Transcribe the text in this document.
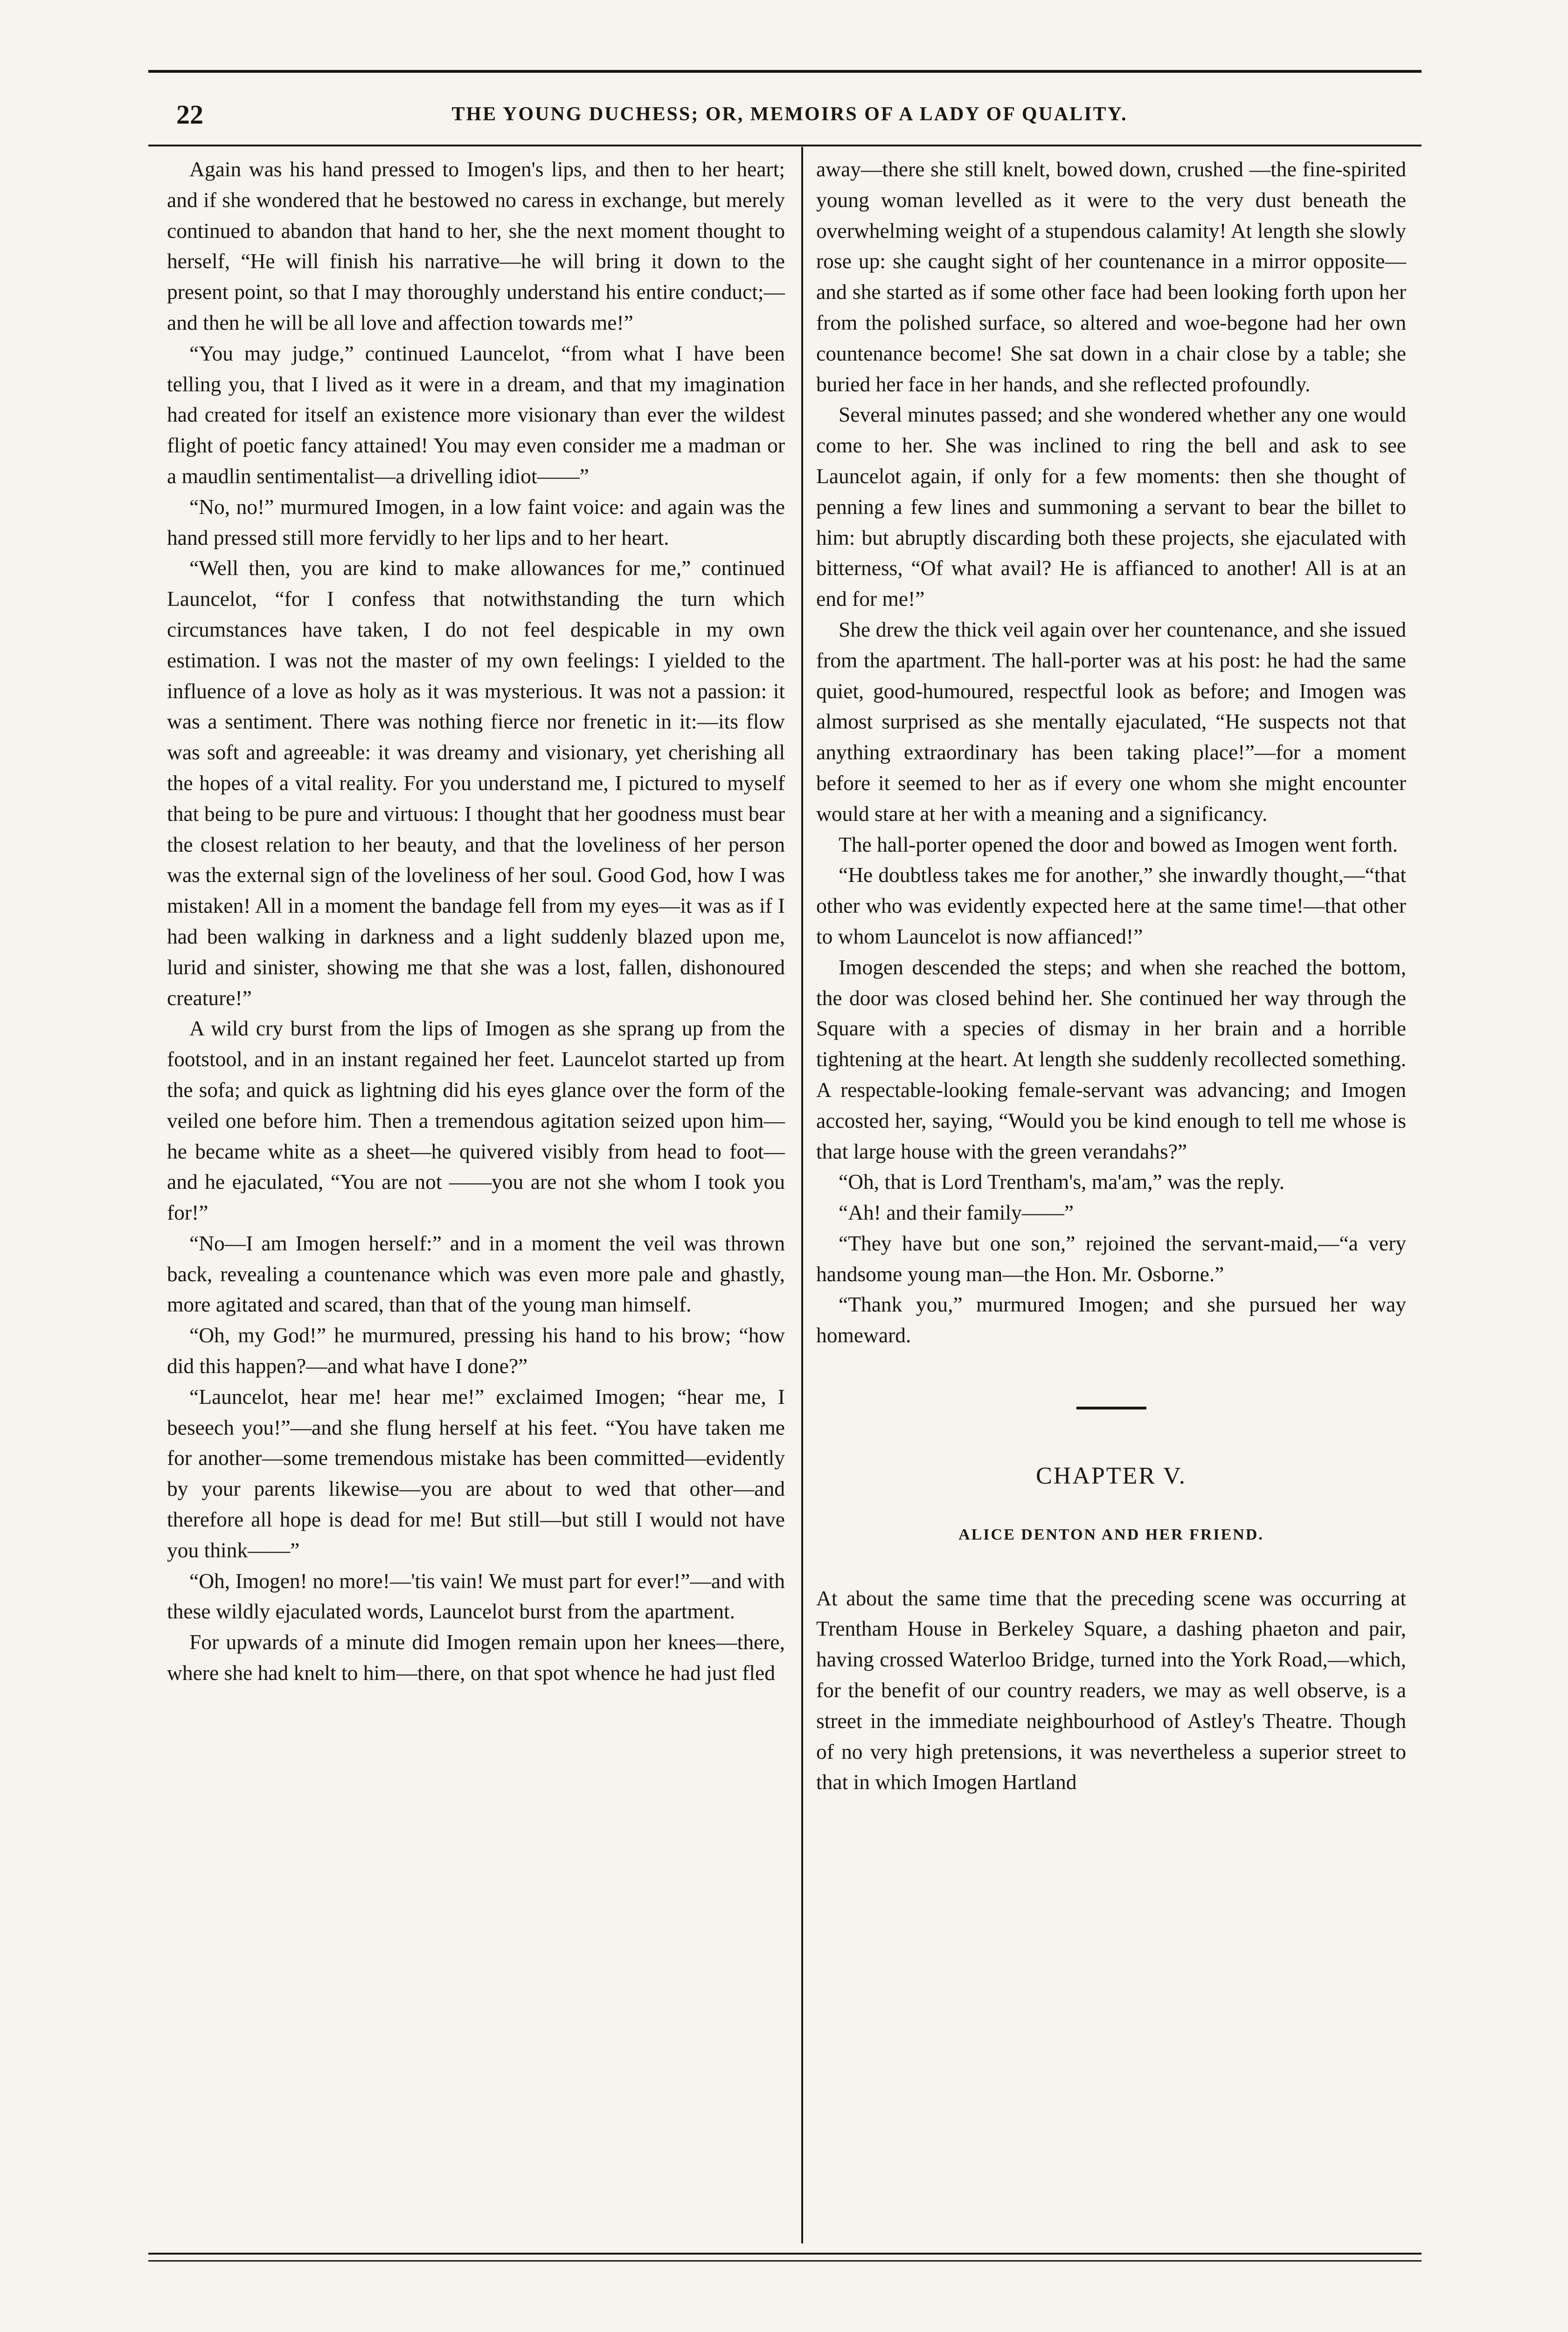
22	THE YOUNG DUCHESS; OR, MEMOIRS OF A LADY OF QUALITY.

Again was his hand pressed to Imogen's lips, and then to her heart; and if she wondered that he bestowed no caress in exchange, but merely continued to abandon that hand to her, she the next moment thought to herself, “He will finish his narrative—he will bring it down to the present point, so that I may thoroughly understand his entire conduct;—and then he will be all love and affection towards me!”

“You may judge,” continued Launcelot, “from what I have been telling you, that I lived as it were in a dream, and that my imagination had created for itself an existence more visionary than ever the wildest flight of poetic fancy attained! You may even consider me a madman or a maudlin sentimentalist—a drivelling idiot——”

“No, no!” murmured Imogen, in a low faint voice: and again was the hand pressed still more fervidly to her lips and to her heart.

“Well then, you are kind to make allowances for me,” continued Launcelot, “for I confess that notwithstanding the turn which circumstances have taken, I do not feel despicable in my own estimation. I was not the master of my own feelings: I yielded to the influence of a love as holy as it was mysterious. It was not a passion: it was a sentiment. There was nothing fierce nor frenetic in it:—its flow was soft and agreeable: it was dreamy and visionary, yet cherishing all the hopes of a vital reality. For you understand me, I pictured to myself that being to be pure and virtuous: I thought that her goodness must bear the closest relation to her beauty, and that the loveliness of her person was the external sign of the loveliness of her soul. Good God, how I was mistaken! All in a moment the bandage fell from my eyes—it was as if I had been walking in darkness and a light suddenly blazed upon me, lurid and sinister, showing me that she was a lost, fallen, dishonoured creature!”

A wild cry burst from the lips of Imogen as she sprang up from the footstool, and in an instant regained her feet. Launcelot started up from the sofa; and quick as lightning did his eyes glance over the form of the veiled one before him. Then a tremendous agitation seized upon him—he became white as a sheet—he quivered visibly from head to foot—and he ejaculated, “You are not ——you are not she whom I took you for!”

“No—I am Imogen herself:” and in a moment the veil was thrown back, revealing a countenance which was even more pale and ghastly, more agitated and scared, than that of the young man himself.

“Oh, my God!” he murmured, pressing his hand to his brow; “how did this happen?—and what have I done?”

“Launcelot, hear me! hear me!” exclaimed Imogen; “hear me, I beseech you!”—and she flung herself at his feet. “You have taken me for another—some tremendous mistake has been committed—evidently by your parents likewise—you are about to wed that other—and therefore all hope is dead for me! But still—but still I would not have you think——”

“Oh, Imogen! no more!—'tis vain! We must part for ever!”—and with these wildly ejaculated words, Launcelot burst from the apartment.

For upwards of a minute did Imogen remain upon her knees—there, where she had knelt to him—there, on that spot whence he had just fled

away—there she still knelt, bowed down, crushed —the fine-spirited young woman levelled as it were to the very dust beneath the overwhelming weight of a stupendous calamity! At length she slowly rose up: she caught sight of her countenance in a mirror opposite—and she started as if some other face had been looking forth upon her from the polished surface, so altered and woe-begone had her own countenance become! She sat down in a chair close by a table; she buried her face in her hands, and she reflected profoundly.

Several minutes passed; and she wondered whether any one would come to her. She was inclined to ring the bell and ask to see Launcelot again, if only for a few moments: then she thought of penning a few lines and summoning a servant to bear the billet to him: but abruptly discarding both these projects, she ejaculated with bitterness, “Of what avail? He is affianced to another! All is at an end for me!”

She drew the thick veil again over her countenance, and she issued from the apartment. The hall-porter was at his post: he had the same quiet, good-humoured, respectful look as before; and Imogen was almost surprised as she mentally ejaculated, “He suspects not that anything extraordinary has been taking place!”—for a moment before it seemed to her as if every one whom she might encounter would stare at her with a meaning and a significancy.

The hall-porter opened the door and bowed as Imogen went forth.

“He doubtless takes me for another,” she inwardly thought,—“that other who was evidently expected here at the same time!—that other to whom Launcelot is now affianced!”

Imogen descended the steps; and when she reached the bottom, the door was closed behind her. She continued her way through the Square with a species of dismay in her brain and a horrible tightening at the heart. At length she suddenly recollected something. A respectable-looking female-servant was advancing; and Imogen accosted her, saying, “Would you be kind enough to tell me whose is that large house with the green verandahs?”

“Oh, that is Lord Trentham's, ma'am,” was the reply.

“Ah! and their family——”

“They have but one son,” rejoined the servant-maid,—“a very handsome young man—the Hon. Mr. Osborne.”

“Thank you,” murmured Imogen; and she pursued her way homeward.

CHAPTER V.
ALICE DENTON AND HER FRIEND.

At about the same time that the preceding scene was occurring at Trentham House in Berkeley Square, a dashing phaeton and pair, having crossed Waterloo Bridge, turned into the York Road,—which, for the benefit of our country readers, we may as well observe, is a street in the immediate neighbourhood of Astley's Theatre. Though of no very high pretensions, it was nevertheless a superior street to that in which Imogen Hartland
